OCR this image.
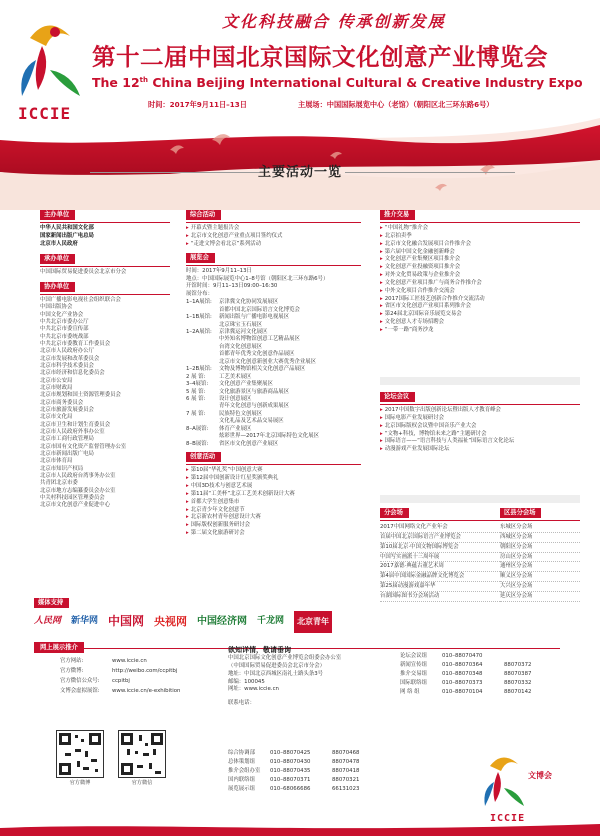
文化科技融合 传承创新发展
第十二届中国北京国际文化创意产业博览会
The 12th China Beijing International Cultural & Creative Industry Expo
时间：2017年9月11日–13日	主展场：中国国际展览中心（老馆）（朝阳区北三环东路6号）
ICCIE
主要活动一览
主办单位
中华人民共和国文化部
国家新闻出版广电总局
北京市人民政府
承办单位
中国国际贸易促进委员会北京市分会
协办单位
中国广播电影电视社会组织联合会
中国出版协会
中国文化产业协会
中共北京市委办公厅
中共北京市委宣传部
中共北京市委统战部
中共北京市委教育工作委员会
北京市人民政府办公厅
北京市发展和改革委员会
北京市科学技术委员会
北京市经济和信息化委员会
北京市公安局
北京市财政局
北京市规划和国土资源管理委员会
北京市商务委员会
北京市旅游发展委员会
北京市文化局
北京市卫生和计划生育委员会
北京市人民政府外事办公室
北京市工商行政管理局
北京市国有文化资产监督管理办公室
北京市新闻出版广电局
北京市体育局
北京市知识产权局
北京市人民政府台湾事务办公室
共青团北京市委
北京市地方志编纂委员会办公室
中关村科技园区管理委员会
北京市文化创意产业促进中心
综合活动
▸ 开幕式暨主题报告会
▸ 北京市文化创意产业重点项目签约仪式
▸ “走进文博会看北京”系列活动
展览会
时间：2017年9月11–13日
地点：中国国际展览中心1–8号馆（朝阳区北三环东路6号）
开馆时间：9月11–13日09:00–16:30
展馆分布：
1–1A展馆:	京津冀文化协同发展展区
首都中国北京国际语言文化博览会
1–1B展馆:	新闻出版与广播电影电视展区
北京珠宝玉石展区
1–2A展馆:	京津冀运河文化展区
中外知名博物馆创意工艺精品展区
台湾文化创意展区
首都青年优秀文化创意作品展区
北京市文化创意新创业大赛优秀企业展区
1–2B展馆:	文物及博物馆相关文化创意产品展区
2 展 馆:	工艺美术展区
3–4展馆:	文化创意产业集聚展区
5 展 馆:	文化旅游景区与旅游商品展区
6 展 馆:	设计创意展区
青年文化创意与创新成果展区
7 展 馆:	民族特色文创展区
文化礼品及艺术品交易展区
8–A展馆:	体育产业展区
炫彩世界—2017年北京国际特色文化展区
8–B展馆:	省区市文化创意产业展区
创意活动
▸ 第10届“华礼奖”中国创意大赛
▸ 第12届中国创新设计红星奖颁奖典礼
▸ 中国3D技术与创意艺术展
▸ 第11届“工美杯”北京工艺美术创新设计大赛
▸ 首都大学生创意集市
▸ 北京青少年文化创意节
▸ 北京新农村青年创意设计大赛
▸ 国际版权创新服务研讨会
▸ 第二届文化旅游研讨会
推介交易
▸ “中国礼物”推介会
▸ 北京拍卖季
▸ 北京市文化融合发展项目合作推介会
▸ 第六届中国文化金融创新峰会
▸ 文化创意产业集聚区项目推介会
▸ 文化创意产业投融资项目推介会
▸ 对外文化贸易政策与企业推介会
▸ 文化创意产业项目推广与商务合作推介会
▸ 中外文化项目合作推介交流会
▸ 2017国际工匠技艺创新合作推介交流活动
▸ 省区市文化创意产业项目系列推介会
▸ 第24届北京国际音乐展览交易会
▸ 文化创意人才专场招聘会
▸ “一带一路”商务沙龙
论坛会议
▸ 2017中国数字出版创新论坛暨出版人才教育峰会
▸ 国际电影产业发展研讨会
▸ 北京国际版权会议暨中国音乐产业大会
▸ “文物+科技，博物馆未来之路”主题研讨会
▸ 国际语言——“语言科技与人类福祉”国际语言文化论坛
▸ 动漫游戏产业发展国际论坛
分会场
2017中国网络文化产业年会
首届中国北京国际语言产业博览会
第10届北京·中国文物国际博览会
中国写实画派十三周年展
2017嘉德·典蕴古董艺术周
第4届中国国际金融品牌文化博览会
第25届动漫游戏嘉年华
台湖国际图书分会场活动
区县分会场
东城区分会场
西城区分会场
朝阳区分会场
房山区分会场
通州区分会场
顺义区分会场
大兴区分会场
延庆区分会场
媒体支持
人民网 新华网 中国网 央视网 中国经济网 千龙网	北京青年
网上展示推介
官方网站:	www.iccie.cn
官方微博:	http://weibo.com/ccpitbj
官方微信公众号:	ccpitbj
文博会虚拟展馆:	www.iccie.cn/e-exhibition
官方微博	官方微信
欲知详情，敬请垂询
中国北京国际文化创意产业博览会组委会办公室
（中国国际贸易促进委员会北京市分会）
地址：中国北京西城区南礼士路头条3号
邮编：100045
网址：www.iccie.cn
联系电话：
综合协调部	010–88070425	88070468
总体策划组	010–88070430	88070478
推介会组办室	010–88070435	88070418
国内联络组	010–88070371	88070321
展览展示组	010–68066686	66131023
论坛会议组	010–88070470
新闻宣传组	010–88070364	88070372
推介交易组	010–88070348	88070387
国际联络组	010–88070373	88070332
网 络 组	010–88070104	88070142
文博会
ICCIE
